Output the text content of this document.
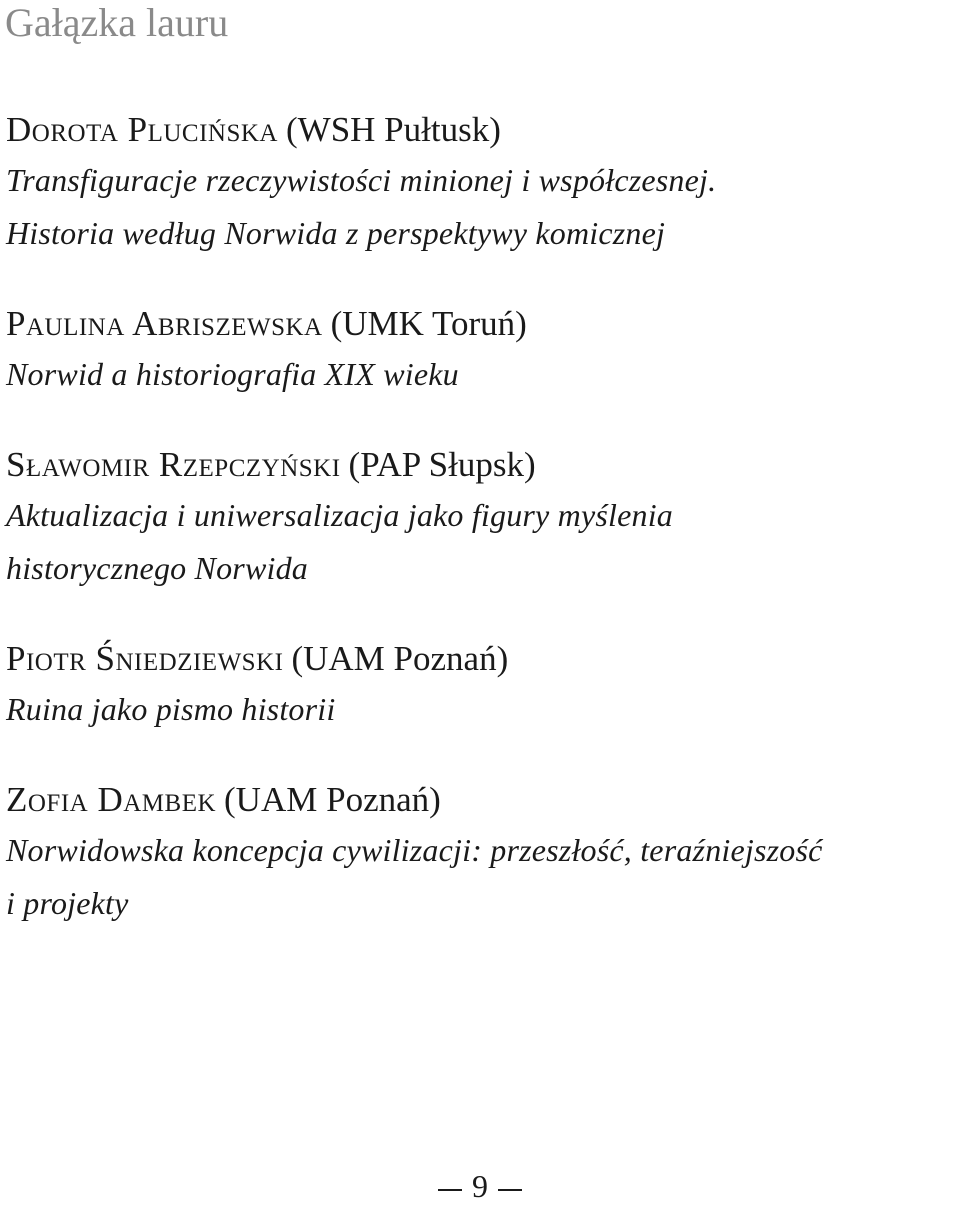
Gałązka lauru
Dorota Plucińska (WSH Pułtusk)
Transfiguracje rzeczywistości minionej i współczesnej.
Historia według Norwida z perspektywy komicznej
Paulina Abriszewska (UMK Toruń)
Norwid a historiografia XIX wieku
Sławomir Rzepczyński (PAP Słupsk)
Aktualizacja i uniwersalizacja jako figury myślenia
historycznego Norwida
Piotr Śniedziewski (UAM Poznań)
Ruina jako pismo historii
Zofia Dambek (UAM Poznań)
Norwidowska koncepcja cywilizacji: przeszłość, teraźniejszość
i projekty
9
